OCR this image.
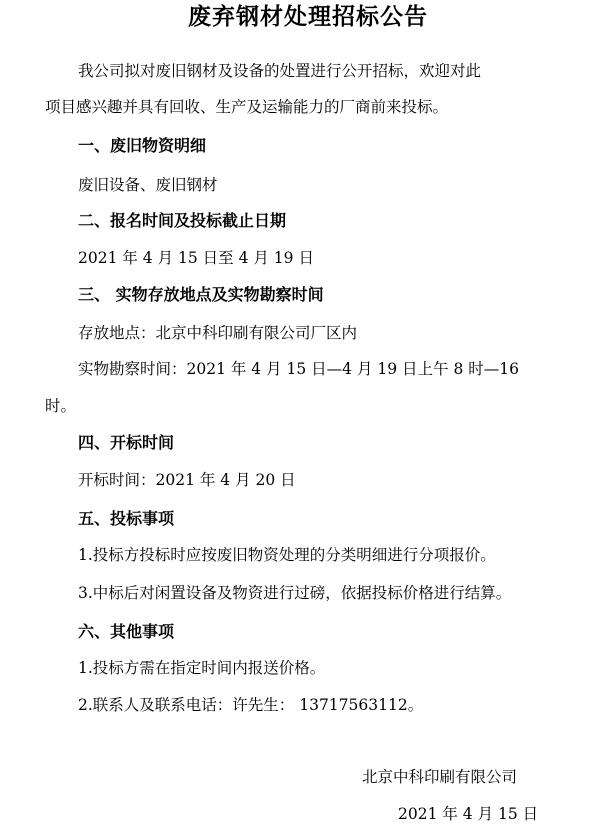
废弃钢材处理招标公告
我公司拟对废旧钢材及设备的处置进行公开招标，欢迎对此
项目感兴趣并具有回收、生产及运输能力的厂商前来投标。
一、废旧物资明细
废旧设备、废旧钢材
二、报名时间及投标截止日期
2021 年 4 月 15 日至 4 月 19 日
三、 实物存放地点及实物勘察时间
存放地点：北京中科印刷有限公司厂区内
实物勘察时间：2021 年 4 月 15 日—4 月 19 日上午 8 时—16
时。
四、开标时间
开标时间：2021 年 4 月 20 日
五、投标事项
1.投标方投标时应按废旧物资处理的分类明细进行分项报价。
3.中标后对闲置设备及物资进行过磅，依据投标价格进行结算。
六、其他事项
1.投标方需在指定时间内报送价格。
2.联系人及联系电话：许先生： 13717563112。
北京中科印刷有限公司
2021 年 4 月 15 日
